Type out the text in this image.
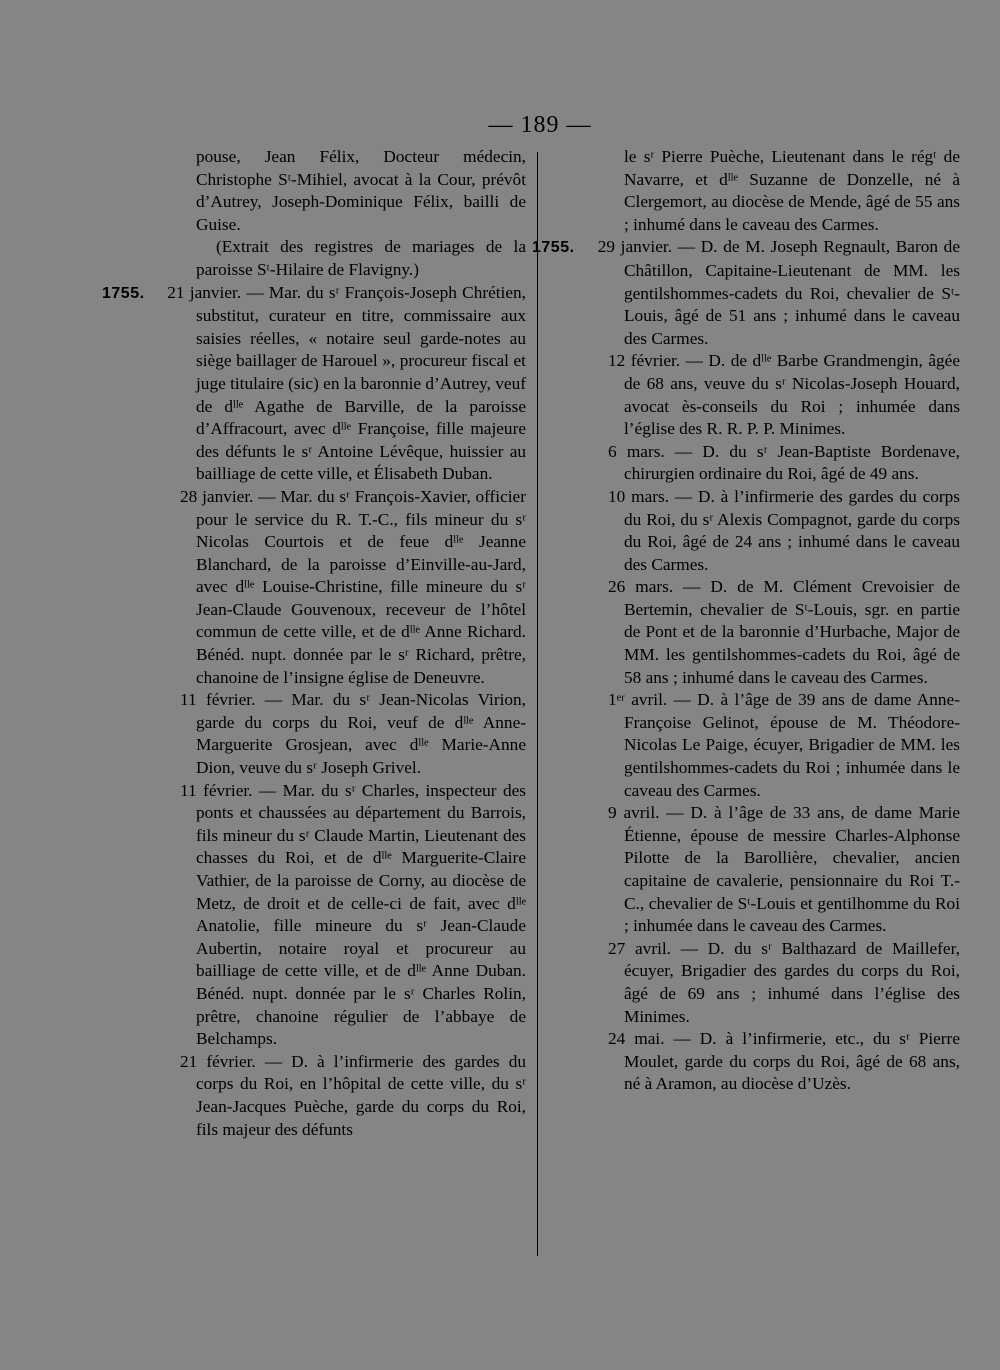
— 189 —
pouse, Jean Félix, Docteur médecin, Christophe Sᵗ-Mihiel, avocat à la Cour, prévôt d’Autrey, Joseph-Dominique Félix, bailli de Guise.
(Extrait des registres de mariages de la paroisse Sᵗ-Hilaire de Flavigny.)
1755. 21 janvier. — Mar. du sʳ François-Joseph Chrétien, substitut, curateur en titre, commissaire aux saisies réelles, « notaire seul garde-notes au siège baillager de Harouel », procureur fiscal et juge titulaire (sic) en la baronnie d’Autrey, veuf de dˡˡᵉ Agathe de Barville, de la paroisse d’Affracourt, avec dˡˡᵉ Françoise, fille majeure des défunts le sʳ Antoine Lévêque, huissier au bailliage de cette ville, et Élisabeth Duban.
28 janvier. — Mar. du sʳ François-Xavier, officier pour le service du R. T.-C., fils mineur du sʳ Nicolas Courtois et de feue dˡˡᵉ Jeanne Blanchard, de la paroisse d’Einville-au-Jard, avec dˡˡᵉ Louise-Christine, fille mineure du sʳ Jean-Claude Gouvenoux, receveur de l’hôtel commun de cette ville, et de dˡˡᵉ Anne Richard. Bénéd. nupt. donnée par le sʳ Richard, prêtre, chanoine de l’insigne église de Deneuvre.
11 février. — Mar. du sʳ Jean-Nicolas Virion, garde du corps du Roi, veuf de dˡˡᵉ Anne-Marguerite Grosjean, avec dˡˡᵉ Marie-Anne Dion, veuve du sʳ Joseph Grivel.
11 février. — Mar. du sʳ Charles, inspecteur des ponts et chaussées au département du Barrois, fils mineur du sʳ Claude Martin, Lieutenant des chasses du Roi, et de dˡˡᵉ Marguerite-Claire Vathier, de la paroisse de Corny, au diocèse de Metz, de droit et de celle-ci de fait, avec dˡˡᵉ Anatolie, fille mineure du sʳ Jean-Claude Aubertin, notaire royal et procureur au bailliage de cette ville, et de dˡˡᵉ Anne Duban. Bénéd. nupt. donnée par le sʳ Charles Rolin, prêtre, chanoine régulier de l’abbaye de Belchamps.
21 février. — D. à l’infirmerie des gardes du corps du Roi, en l’hôpital de cette ville, du sʳ Jean-Jacques Puèche, garde du corps du Roi, fils majeur des défunts
le sʳ Pierre Puèche, Lieutenant dans le régᵗ de Navarre, et dˡˡᵉ Suzanne de Donzelle, né à Clergemort, au diocèse de Mende, âgé de 55 ans ; inhumé dans le caveau des Carmes.
1755. 29 janvier. — D. de M. Joseph Regnault, Baron de Châtillon, Capitaine-Lieutenant de MM. les gentilshommes-cadets du Roi, chevalier de Sᵗ-Louis, âgé de 51 ans ; inhumé dans le caveau des Carmes.
12 février. — D. de dˡˡᵉ Barbe Grandmengin, âgée de 68 ans, veuve du sʳ Nicolas-Joseph Houard, avocat ès-conseils du Roi ; inhumée dans l’église des R. R. P. P. Minimes.
6 mars. — D. du sʳ Jean-Baptiste Bordenave, chirurgien ordinaire du Roi, âgé de 49 ans.
10 mars. — D. à l’infirmerie des gardes du corps du Roi, du sʳ Alexis Compagnot, garde du corps du Roi, âgé de 24 ans ; inhumé dans le caveau des Carmes.
26 mars. — D. de M. Clément Crevoisier de Bertemin, chevalier de Sᵗ-Louis, sgr. en partie de Pont et de la baronnie d’Hurbache, Major de MM. les gentilshommes-cadets du Roi, âgé de 58 ans ; inhumé dans le caveau des Carmes.
1ᵉʳ avril. — D. à l’âge de 39 ans de dame Anne-Françoise Gelinot, épouse de M. Théodore-Nicolas Le Paige, écuyer, Brigadier de MM. les gentilshommes-cadets du Roi ; inhumée dans le caveau des Carmes.
9 avril. — D. à l’âge de 33 ans, de dame Marie Étienne, épouse de messire Charles-Alphonse Pilotte de la Barollière, chevalier, ancien capitaine de cavalerie, pensionnaire du Roi T.-C., chevalier de Sᵗ-Louis et gentilhomme du Roi ; inhumée dans le caveau des Carmes.
27 avril. — D. du sʳ Balthazard de Maillefer, écuyer, Brigadier des gardes du corps du Roi, âgé de 69 ans ; inhumé dans l’église des Minimes.
24 mai. — D. à l’infirmerie, etc., du sʳ Pierre Moulet, garde du corps du Roi, âgé de 68 ans, né à Aramon, au diocèse d’Uzès.
